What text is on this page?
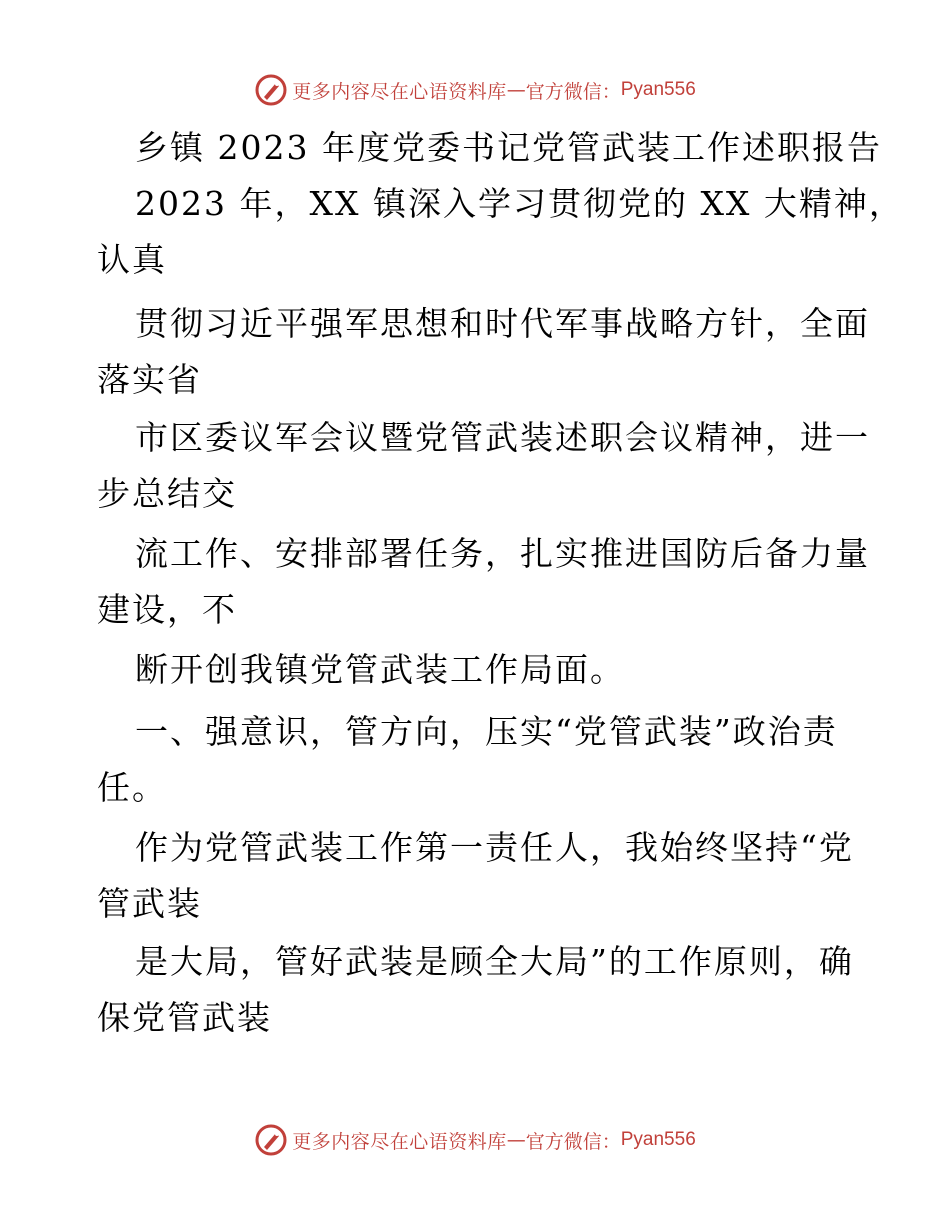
更多内容尽在心语资料库 — 官方微信： Pyan556
乡镇 2023 年度党委书记党管武装工作述职报告
2023 年，XX 镇深入学习贯彻党的 XX 大精神，
认真
贯彻习近平强军思想和时代军事战略方针，全面
落实省
市区委议军会议暨党管武装述职会议精神，进一
步总结交
流工作、安排部署任务，扎实推进国防后备力量
建设，不
断开创我镇党管武装工作局面。
一、强意识，管方向，压实“党管武装”政治责
任。
作为党管武装工作第一责任人，我始终坚持“党
管武装
是大局，管好武装是顾全大局”的工作原则，确
保党管武装
更多内容尽在心语资料库 — 官方微信： Pyan556
